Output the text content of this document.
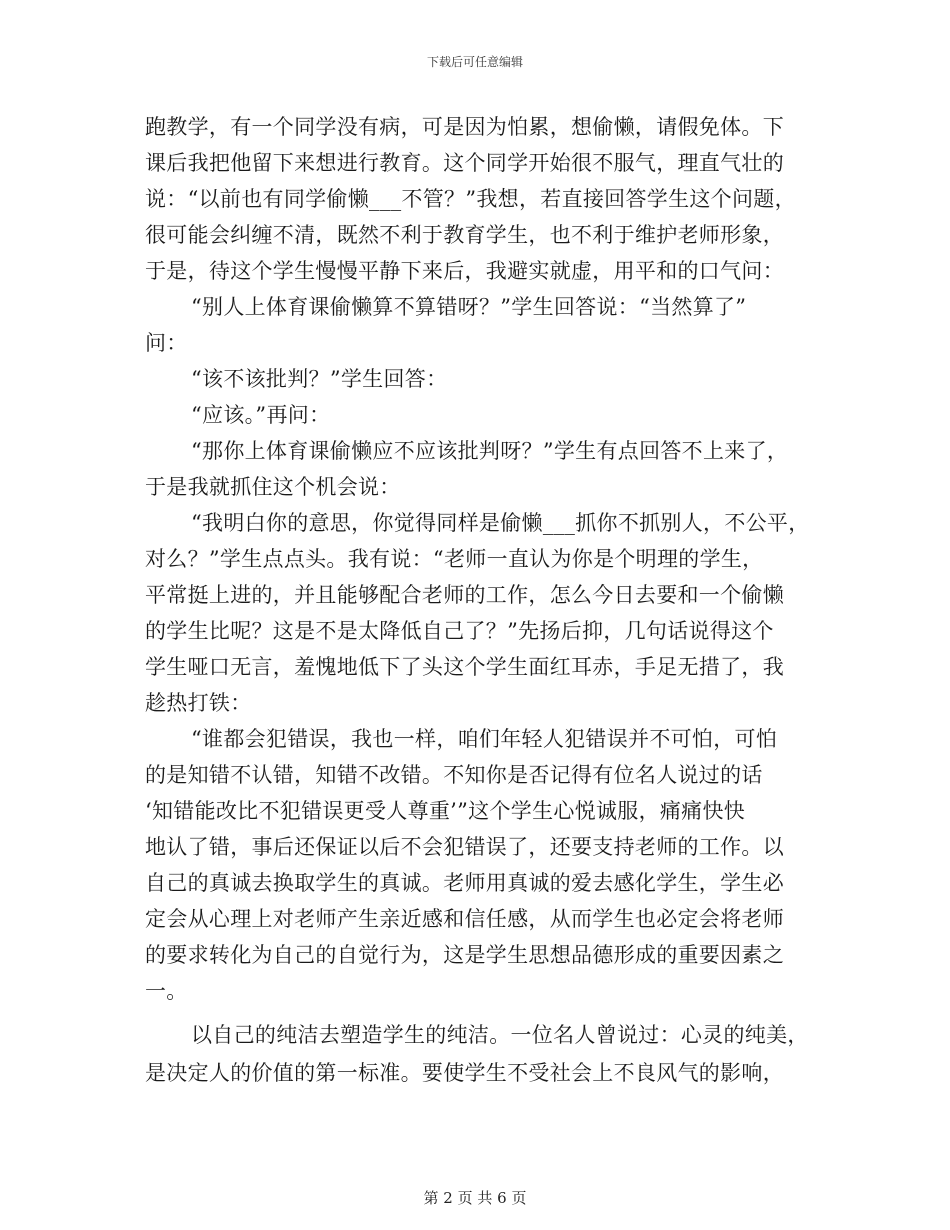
下载后可任意编辑
跑教学，有一个同学没有病，可是因为怕累，想偷懒，请假免体。下
课后我把他留下来想进行教育。这个同学开始很不服气，理直气壮的
说：“以前也有同学偷懒___不管？”我想，若直接回答学生这个问题，
很可能会纠缠不清，既然不利于教育学生，也不利于维护老师形象，
于是，待这个学生慢慢平静下来后，我避实就虚，用平和的口气问：
“别人上体育课偷懒算不算错呀？”学生回答说：“当然算了”
问：
“该不该批判？”学生回答：
“应该。”再问：
“那你上体育课偷懒应不应该批判呀？”学生有点回答不上来了，
于是我就抓住这个机会说：
“我明白你的意思，你觉得同样是偷懒___抓你不抓别人，不公平，
对么？”学生点点头。我有说：“老师一直认为你是个明理的学生，
平常挺上进的，并且能够配合老师的工作，怎么今日去要和一个偷懒
的学生比呢？这是不是太降低自己了？”先扬后抑，几句话说得这个
学生哑口无言，羞愧地低下了头这个学生面红耳赤，手足无措了，我
趁热打铁：
“谁都会犯错误，我也一样，咱们年轻人犯错误并不可怕，可怕
的是知错不认错，知错不改错。不知你是否记得有位名人说过的话
‘知错能改比不犯错误更受人尊重’”这个学生心悦诚服，痛痛快快
地认了错，事后还保证以后不会犯错误了，还要支持老师的工作。以
自己的真诚去换取学生的真诚。老师用真诚的爱去感化学生，学生必
定会从心理上对老师产生亲近感和信任感，从而学生也必定会将老师
的要求转化为自己的自觉行为，这是学生思想品德形成的重要因素之
一。
以自己的纯洁去塑造学生的纯洁。一位名人曾说过：心灵的纯美，
是决定人的价值的第一标准。要使学生不受社会上不良风气的影响，
第 2 页 共 6 页
